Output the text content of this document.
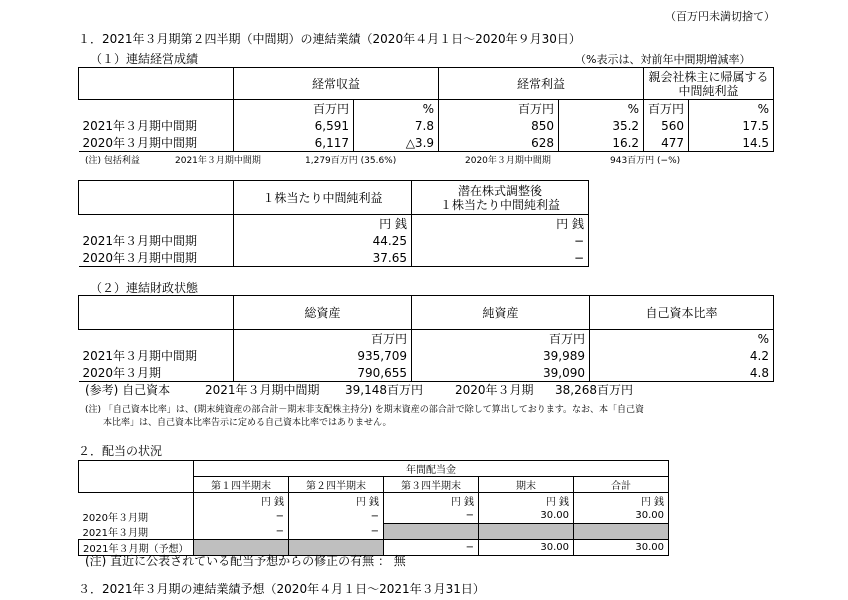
（百万円未満切捨て）
１．2021年３月期第２四半期（中間期）の連結業績（2020年４月１日～2020年９月30日）
（１）連結経営成績	（%表示は、対前年中間期増減率）
	経常収益		経常利益		親会社株主に帰属する
中間純利益	

	百万円	%	百万円	%	百万円	%
2021年３月期中間期	6,591	7.8	850	35.2	560	17.5
2020年３月期中間期	6,117	△3.9	628	16.2	477	14.5
(注) 包括利益	2021年３月期中間期	1,279百万円 (35.6%)	2020年３月期中間期	943百万円 (−%)
	１株当たり中間純利益	潜在株式調整後
１株当たり中間純利益

	円 銭	円 銭
2021年３月期中間期	44.25	−
2020年３月期中間期	37.65	−
（２）連結財政状態
	総資産	純資産	自己資本比率
	百万円	百万円	%
2021年３月期中間期	935,709	39,989	4.2
2020年３月期	790,655	39,090	4.8
(参考) 自己資本	2021年３月期中間期 39,148百万円	2020年３月期 38,268百万円
(注) 「自己資本比率」は、(期末純資産の部合計－期末非支配株主持分) を期末資産の部合計で除して算出しております。なお、本「自己資
本比率」は、自己資本比率告示に定める自己資本比率ではありません。
２．配当の状況
	年間配当金				
	第１四半期末	第２四半期末	第３四半期末	期末	合計
	円 銭	円 銭	円 銭	円 銭	円 銭
2020年３月期	−	−	−	30.00	30.00
2021年３月期	−	−			
2021年３月期（予想）			−	30.00	30.00
(注) 直近に公表されている配当予想からの修正の有無 ： 無
３．2021年３月期の連結業績予想（2020年４月１日～2021年３月31日）
